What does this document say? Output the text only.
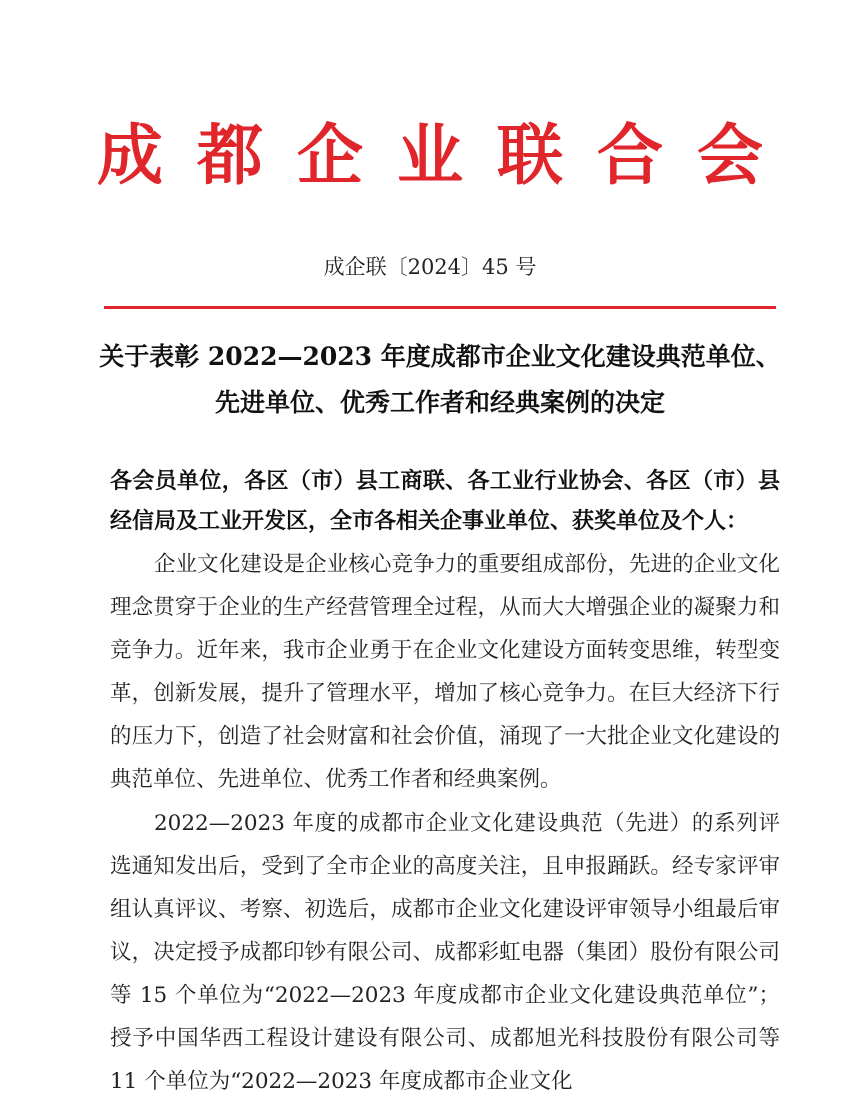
成都企业联合会
成企联〔2024〕45 号
关于表彰 2022—2023 年度成都市企业文化建设典范单位、
先进单位、优秀工作者和经典案例的决定
各会员单位，各区（市）县工商联、各工业行业协会、各区（市）县经信局及工业开发区，全市各相关企事业单位、获奖单位及个人：

企业文化建设是企业核心竞争力的重要组成部份，先进的企业文化理念贯穿于企业的生产经营管理全过程，从而大大增强企业的凝聚力和竞争力。近年来，我市企业勇于在企业文化建设方面转变思维，转型变革，创新发展，提升了管理水平，增加了核心竞争力。在巨大经济下行的压力下，创造了社会财富和社会价值，涌现了一大批企业文化建设的典范单位、先进单位、优秀工作者和经典案例。

2022—2023 年度的成都市企业文化建设典范（先进）的系列评选通知发出后，受到了全市企业的高度关注，且申报踊跃。经专家评审组认真评议、考察、初选后，成都市企业文化建设评审领导小组最后审议，决定授予成都印钞有限公司、成都彩虹电器（集团）股份有限公司等 15 个单位为“2022—2023 年度成都市企业文化建设典范单位”；授予中国华西工程设计建设有限公司、成都旭光科技股份有限公司等 11 个单位为“2022—2023 年度成都市企业文化
